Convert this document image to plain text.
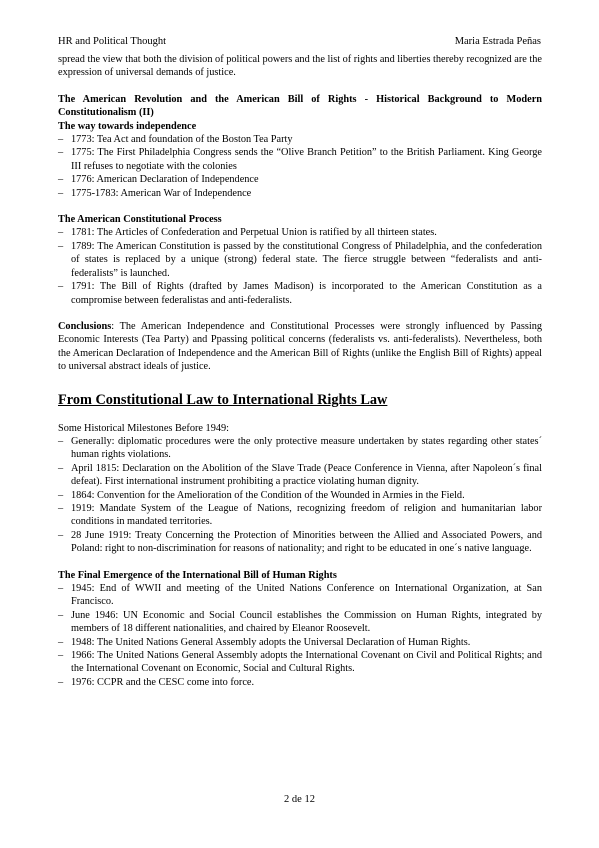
HR and Political Thought	Maria Estrada Peñas

spread the view that both the division of political powers and the list of rights and liberties thereby recognized are the expression of universal demands of justice.

The American Revolution and the American Bill of Rights - Historical Background to Modern Constitutionalism (II)

The way towards independence

– 1773: Tea Act and foundation of the Boston Tea Party
– 1775: The First Philadelphia Congress sends the “Olive Branch Petition” to the British Parliament. King George III refuses to negotiate with the colonies
– 1776: American Declaration of Independence
– 1775-1783: American War of Independence

The American Constitutional Process

– 1781: The Articles of Confederation and Perpetual Union is ratified by all thirteen states.
– 1789: The American Constitution is passed by the constitutional Congress of Philadelphia, and the confederation of states is replaced by a unique (strong) federal state. The fierce struggle between “federalists and anti-federalists” is launched.
– 1791: The Bill of Rights (drafted by James Madison) is incorporated to the American Constitution as a compromise between federalistas and anti-federalists.

Conclusions: The American Independence and Constitutional Processes were strongly influenced by Passing Economic Interests (Tea Party) and Ppassing political concerns (federalists vs. anti-federalists). Nevertheless, both the American Declaration of Independence and the American Bill of Rights (unlike the English Bill of Rights) appeal to universal abstract ideals of justice.

From Constitutional Law to International Rights Law

Some Historical Milestones Before 1949:

– Generally: diplomatic procedures were the only protective measure undertaken by states regarding other states´ human rights violations.
– April 1815: Declaration on the Abolition of the Slave Trade (Peace Conference in Vienna, after Napoleon´s final defeat). First international instrument prohibiting a practice violating human dignity.
– 1864: Convention for the Amelioration of the Condition of the Wounded in Armies in the Field.
– 1919: Mandate System of the League of Nations, recognizing freedom of religion and humanitarian labor conditions in mandated territories.
– 28 June 1919: Treaty Concerning the Protection of Minorities between the Allied and Associated Powers, and Poland: right to non-discrimination for reasons of nationality; and right to be educated in one´s native language.

The Final Emergence of the International Bill of Human Rights

– 1945: End of WWII and meeting of the United Nations Conference on International Organization, at San Francisco.
– June 1946: UN Economic and Social Council establishes the Commission on Human Rights, integrated by members of 18 different nationalities, and chaired by Eleanor Roosevelt.
– 1948: The United Nations General Assembly adopts the Universal Declaration of Human Rights.
– 1966: The United Nations General Assembly adopts the International Covenant on Civil and Political Rights; and the International Covenant on Economic, Social and Cultural Rights.
– 1976: CCPR and the CESC come into force.
2 de 12
